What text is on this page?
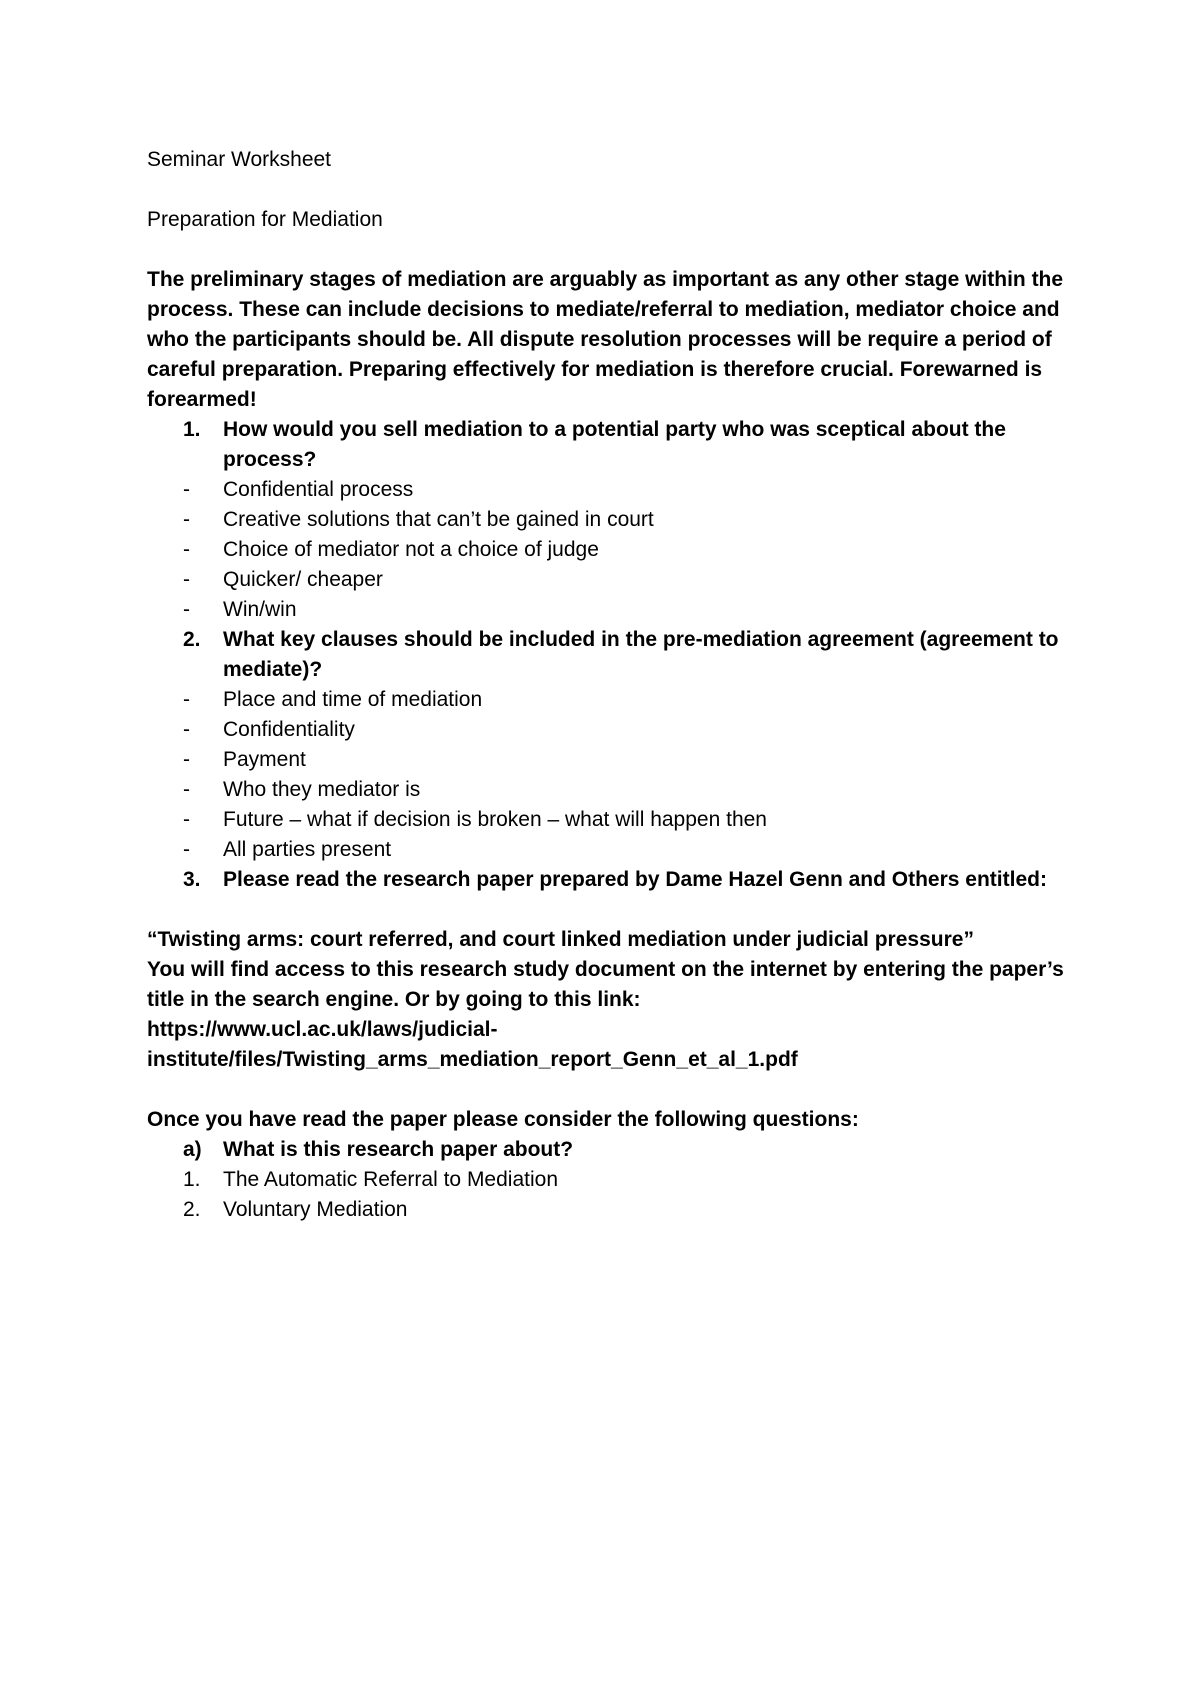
Seminar Worksheet

Preparation for Mediation

The preliminary stages of mediation are arguably as important as any other stage within the process. These can include decisions to mediate/referral to mediation, mediator choice and who the participants should be. All dispute resolution processes will be require a period of careful preparation. Preparing effectively for mediation is therefore crucial. Forewarned is forearmed!

1.	How would you sell mediation to a potential party who was sceptical about the process?
-	Confidential process
-	Creative solutions that can’t be gained in court
-	Choice of mediator not a choice of judge
-	Quicker/ cheaper
-	Win/win
2.	What key clauses should be included in the pre-mediation agreement (agreement to mediate)?
-	Place and time of mediation
-	Confidentiality
-	Payment
-	Who they mediator is
-	Future – what if decision is broken – what will happen then
-	All parties present
3.	Please read the research paper prepared by Dame Hazel Genn and Others entitled:

“Twisting arms: court referred, and court linked mediation under judicial pressure”

You will find access to this research study document on the internet by entering the paper’s title in the search engine. Or by going to this link:

https://www.ucl.ac.uk/laws/judicial-

institute/files/Twisting_arms_mediation_report_Genn_et_al_1.pdf

Once you have read the paper please consider the following questions:

a)	What is this research paper about?
1.	The Automatic Referral to Mediation
2.	Voluntary Mediation
